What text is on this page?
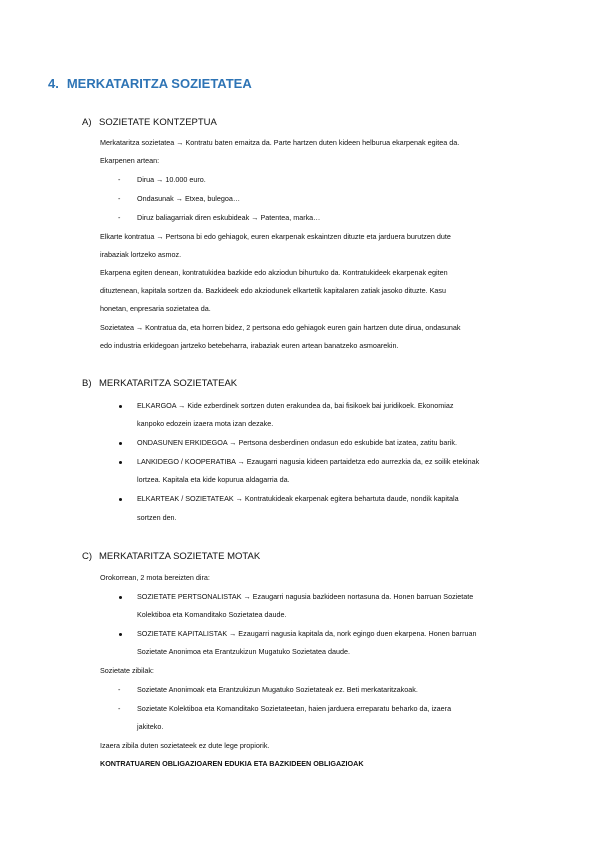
4. MERKATARITZA SOZIETATEA
A) SOZIETATE KONTZEPTUA
Merkataritza sozietatea → Kontratu baten emaitza da. Parte hartzen duten kideen helburua ekarpenak egitea da.
Ekarpenen artean:
- Dirua → 10.000 euro.
- Ondasunak → Etxea, bulegoa…
- Diruz baliagarriak diren eskubideak → Patentea, marka…
Elkarte kontratua → Pertsona bi edo gehiagok, euren ekarpenak eskaintzen dituzte eta jarduera burutzen dute
irabaziak lortzeko asmoz.
Ekarpena egiten denean, kontratukidea bazkide edo akziodun bihurtuko da. Kontratukideek ekarpenak egiten
dituztenean, kapitala sortzen da. Bazkideek edo akziodunek elkartetik kapitalaren zatiak jasoko dituzte. Kasu
honetan, enpresaria sozietatea da.
Sozietatea → Kontratua da, eta horren bidez, 2 pertsona edo gehiagok euren gain hartzen dute dirua, ondasunak
edo industria erkidegoan jartzeko betebeharra, irabaziak euren artean banatzeko asmoarekin.
B) MERKATARITZA SOZIETATEAK
ELKARGOA → Kide ezberdinek sortzen duten erakundea da, bai fisikoek bai juridikoek. Ekonomiaz
kanpoko edozein izaera mota izan dezake.
ONDASUNEN ERKIDEGOA → Pertsona desberdinen ondasun edo eskubide bat izatea, zatitu barik.
LANKIDEGO / KOOPERATIBA → Ezaugarri nagusia kideen partaidetza edo aurrezkia da, ez soilik etekinak
lortzea. Kapitala eta kide kopurua aldagarria da.
ELKARTEAK / SOZIETATEAK → Kontratukideak ekarpenak egitera behartuta daude, nondik kapitala
sortzen den.
C) MERKATARITZA SOZIETATE MOTAK
Orokorrean, 2 mota bereizten dira:
SOZIETATE PERTSONALISTAK → Ezaugarri nagusia bazkideen nortasuna da. Honen barruan Sozietate
Kolektiboa eta Komanditako Sozietatea daude.
SOZIETATE KAPITALISTAK → Ezaugarri nagusia kapitala da, nork egingo duen ekarpena. Honen barruan
Sozietate Anonimoa eta Erantzukizun Mugatuko Sozietatea daude.
Sozietate zibilak:
- Sozietate Anonimoak eta Erantzukizun Mugatuko Sozietateak ez. Beti merkataritzakoak.
- Sozietate Kolektiboa eta Komanditako Sozietateetan, haien jarduera erreparatu beharko da, izaera
jakiteko.
Izaera zibila duten sozietateek ez dute lege propiorik.
KONTRATUAREN OBLIGAZIOAREN EDUKIA ETA BAZKIDEEN OBLIGAZIOAK
